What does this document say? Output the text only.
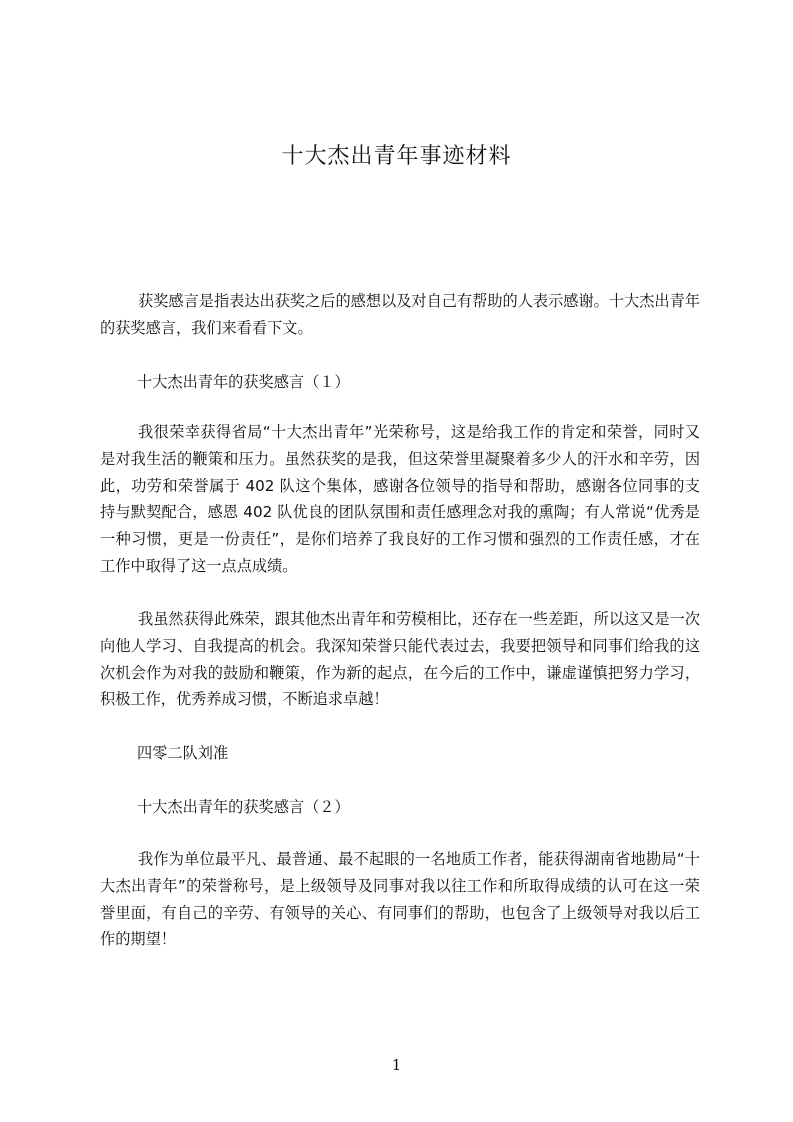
十大杰出青年事迹材料

获奖感言是指表达出获奖之后的感想以及对自己有帮助的人表示感谢。十大杰出青年的获奖感言，我们来看看下文。

十大杰出青年的获奖感言（１）

我很荣幸获得省局“十大杰出青年”光荣称号，这是给我工作的肯定和荣誉，同时又是对我生活的鞭策和压力。虽然获奖的是我，但这荣誉里凝聚着多少人的汗水和辛劳，因此，功劳和荣誉属于 402 队这个集体，感谢各位领导的指导和帮助，感谢各位同事的支持与默契配合，感恩 402 队优良的团队氛围和责任感理念对我的熏陶；有人常说“优秀是一种习惯，更是一份责任”，是你们培养了我良好的工作习惯和强烈的工作责任感，才在工作中取得了这一点点成绩。

我虽然获得此殊荣，跟其他杰出青年和劳模相比，还存在一些差距，所以这又是一次向他人学习、自我提高的机会。我深知荣誉只能代表过去，我要把领导和同事们给我的这次机会作为对我的鼓励和鞭策，作为新的起点，在今后的工作中，谦虚谨慎把努力学习，积极工作，优秀养成习惯，不断追求卓越！

四零二队刘准

十大杰出青年的获奖感言（２）

我作为单位最平凡、最普通、最不起眼的一名地质工作者，能获得湖南省地勘局“十大杰出青年”的荣誉称号，是上级领导及同事对我以往工作和所取得成绩的认可在这一荣誉里面，有自己的辛劳、有领导的关心、有同事们的帮助，也包含了上级领导对我以后工作的期望！

1
